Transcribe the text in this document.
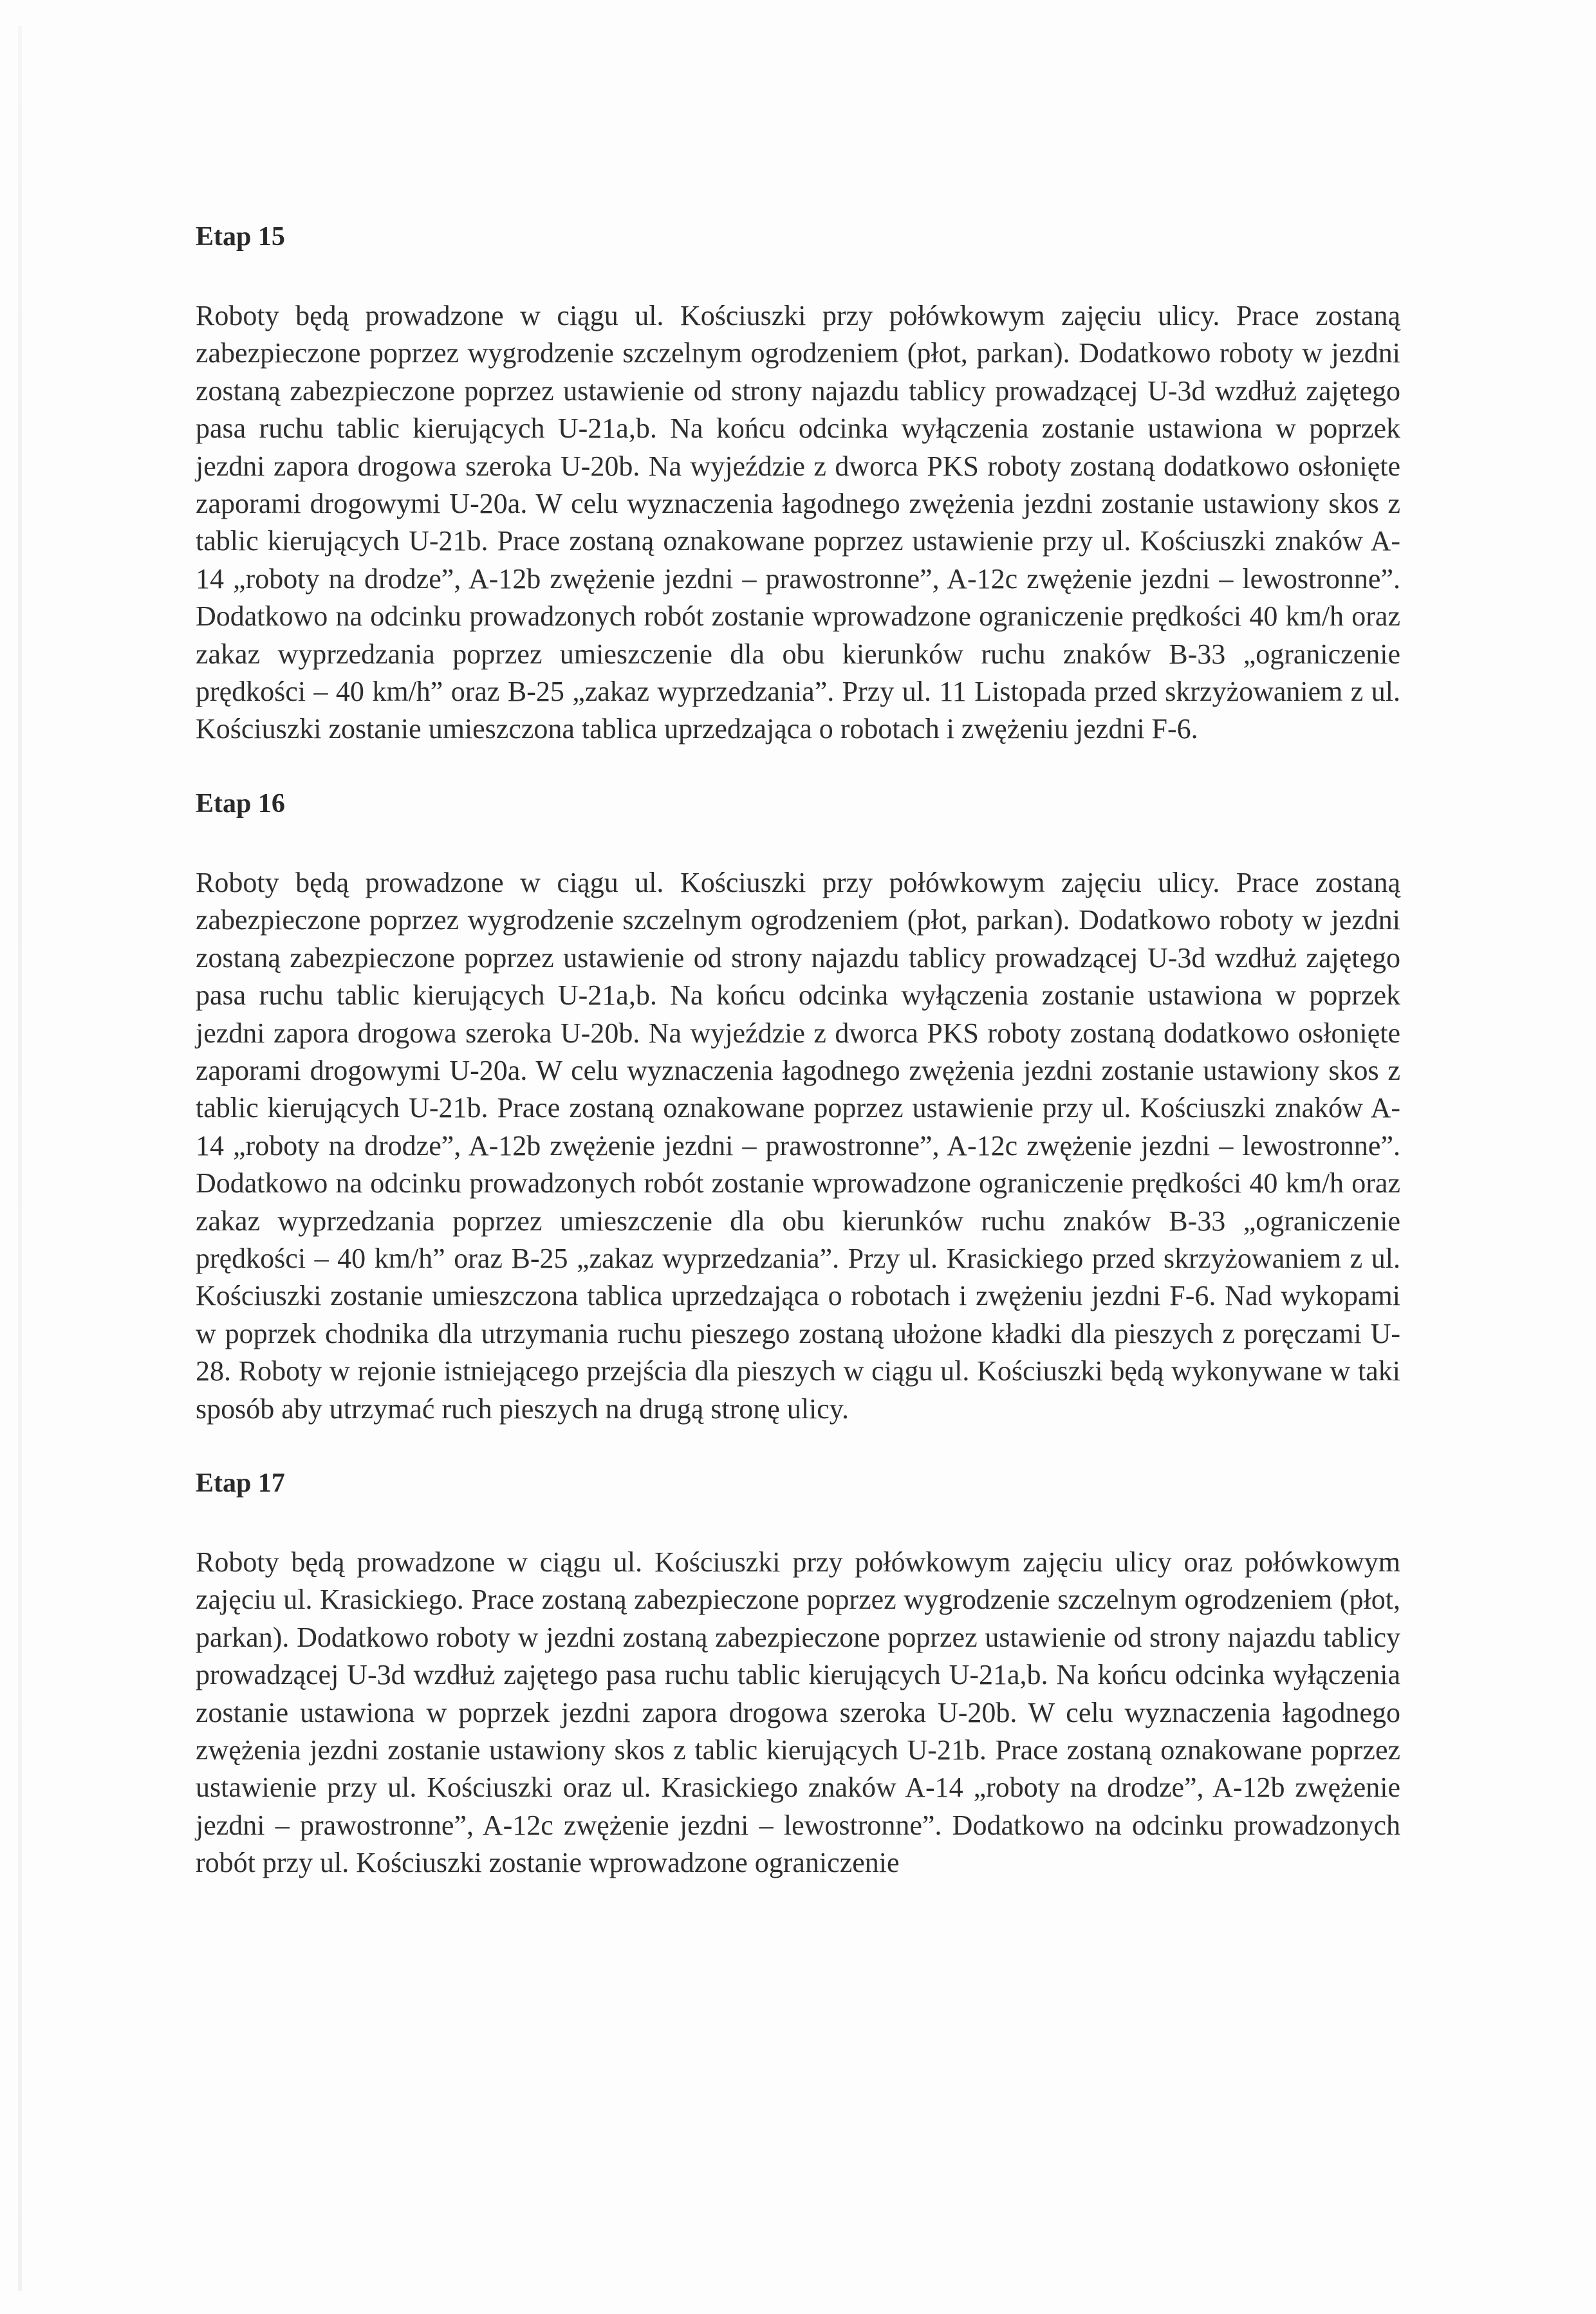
Etap 15

Roboty będą prowadzone w ciągu ul. Kościuszki przy połówkowym zajęciu ulicy. Prace zostaną zabezpieczone poprzez wygrodzenie szczelnym ogrodzeniem (płot, parkan). Dodatkowo roboty w jezdni zostaną zabezpieczone poprzez ustawienie od strony najazdu tablicy prowadzącej U-3d wzdłuż zajętego pasa ruchu tablic kierujących U-21a,b. Na końcu odcinka wyłączenia zostanie ustawiona w poprzek jezdni zapora drogowa szeroka U-20b. Na wyjeździe z dworca PKS roboty zostaną dodatkowo osłonięte zaporami drogowymi U-20a. W celu wyznaczenia łagodnego zwężenia jezdni zostanie ustawiony skos z tablic kierujących U-21b. Prace zostaną oznakowane poprzez ustawienie przy ul. Kościuszki znaków A-14 „roboty na drodze”, A-12b zwężenie jezdni – prawostronne”, A-12c zwężenie jezdni – lewostronne”. Dodatkowo na odcinku prowadzonych robót zostanie wprowadzone ograniczenie prędkości 40 km/h oraz zakaz wyprzedzania poprzez umieszczenie dla obu kierunków ruchu znaków B-33 „ograniczenie prędkości – 40 km/h” oraz B-25 „zakaz wyprzedzania”. Przy ul. 11 Listopada przed skrzyżowaniem z ul. Kościuszki zostanie umieszczona tablica uprzedzająca o robotach i zwężeniu jezdni F-6.

Etap 16

Roboty będą prowadzone w ciągu ul. Kościuszki przy połówkowym zajęciu ulicy. Prace zostaną zabezpieczone poprzez wygrodzenie szczelnym ogrodzeniem (płot, parkan). Dodatkowo roboty w jezdni zostaną zabezpieczone poprzez ustawienie od strony najazdu tablicy prowadzącej U-3d wzdłuż zajętego pasa ruchu tablic kierujących U-21a,b. Na końcu odcinka wyłączenia zostanie ustawiona w poprzek jezdni zapora drogowa szeroka U-20b. Na wyjeździe z dworca PKS roboty zostaną dodatkowo osłonięte zaporami drogowymi U-20a. W celu wyznaczenia łagodnego zwężenia jezdni zostanie ustawiony skos z tablic kierujących U-21b. Prace zostaną oznakowane poprzez ustawienie przy ul. Kościuszki znaków A-14 „roboty na drodze”, A-12b zwężenie jezdni – prawostronne”, A-12c zwężenie jezdni – lewostronne”. Dodatkowo na odcinku prowadzonych robót zostanie wprowadzone ograniczenie prędkości 40 km/h oraz zakaz wyprzedzania poprzez umieszczenie dla obu kierunków ruchu znaków B-33 „ograniczenie prędkości – 40 km/h” oraz B-25 „zakaz wyprzedzania”. Przy ul. Krasickiego przed skrzyżowaniem z ul. Kościuszki zostanie umieszczona tablica uprzedzająca o robotach i zwężeniu jezdni F-6. Nad wykopami w poprzek chodnika dla utrzymania ruchu pieszego zostaną ułożone kładki dla pieszych z poręczami U-28. Roboty w rejonie istniejącego przejścia dla pieszych w ciągu ul. Kościuszki będą wykonywane w taki sposób aby utrzymać ruch pieszych na drugą stronę ulicy.

Etap 17

Roboty będą prowadzone w ciągu ul. Kościuszki przy połówkowym zajęciu ulicy oraz połówkowym zajęciu ul. Krasickiego. Prace zostaną zabezpieczone poprzez wygrodzenie szczelnym ogrodzeniem (płot, parkan). Dodatkowo roboty w jezdni zostaną zabezpieczone poprzez ustawienie od strony najazdu tablicy prowadzącej U-3d wzdłuż zajętego pasa ruchu tablic kierujących U-21a,b. Na końcu odcinka wyłączenia zostanie ustawiona w poprzek jezdni zapora drogowa szeroka U-20b. W celu wyznaczenia łagodnego zwężenia jezdni zostanie ustawiony skos z tablic kierujących U-21b. Prace zostaną oznakowane poprzez ustawienie przy ul. Kościuszki oraz ul. Krasickiego znaków A-14 „roboty na drodze”, A-12b zwężenie jezdni – prawostronne”, A-12c zwężenie jezdni – lewostronne”. Dodatkowo na odcinku prowadzonych robót przy ul. Kościuszki zostanie wprowadzone ograniczenie
